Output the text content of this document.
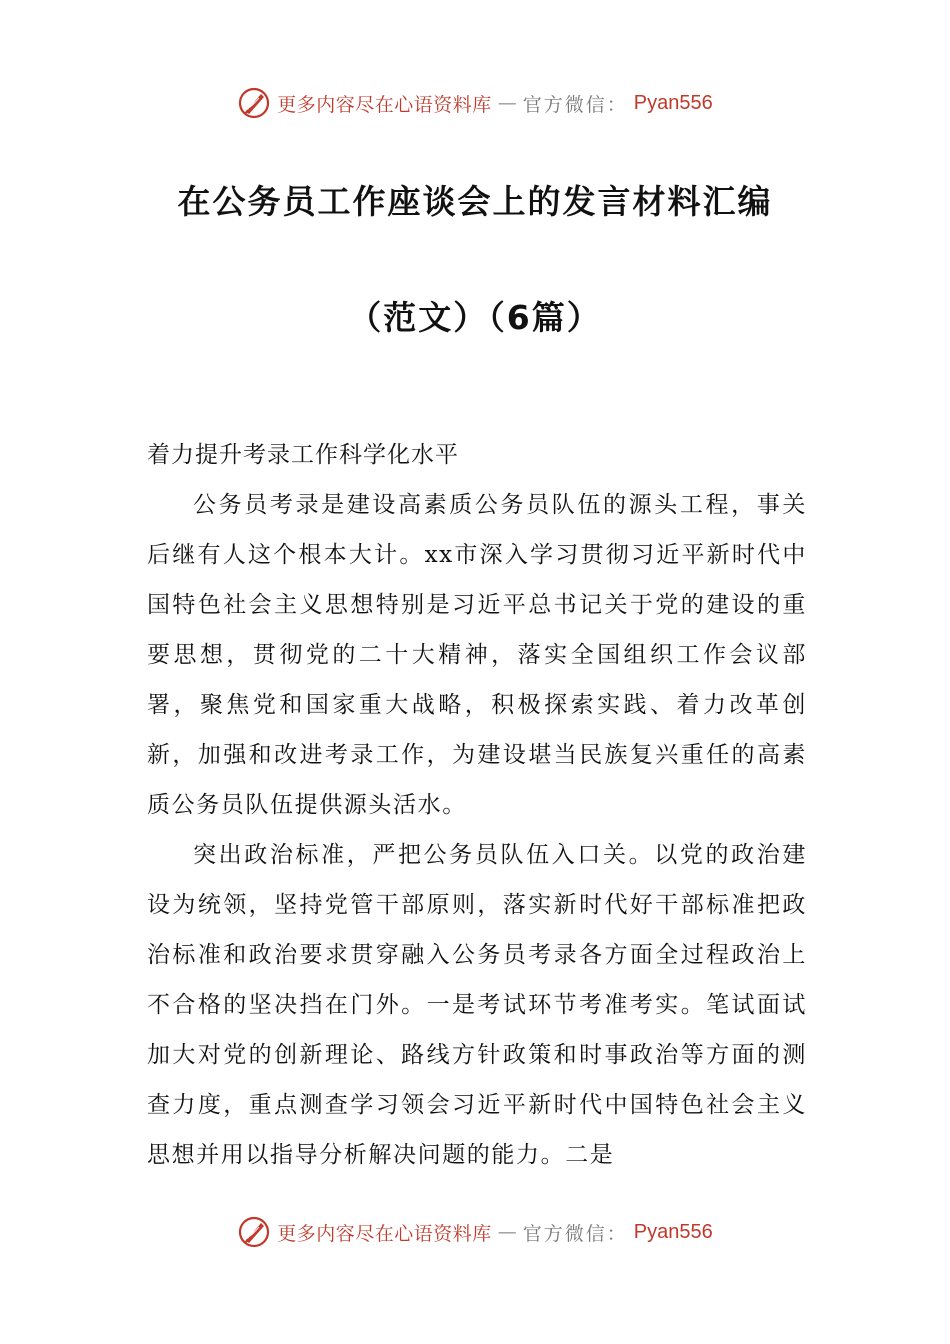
更多内容尽在心语资料库 — 官方微信： Pyan556
在公务员工作座谈会上的发言材料汇编
（范文）（6篇）

着力提升考录工作科学化水平

公务员考录是建设高素质公务员队伍的源头工程，事关后继有人这个根本大计。xx市深入学习贯彻习近平新时代中国特色社会主义思想特别是习近平总书记关于党的建设的重要思想，贯彻党的二十大精神，落实全国组织工作会议部署，聚焦党和国家重大战略，积极探索实践、着力改革创新，加强和改进考录工作，为建设堪当民族复兴重任的高素质公务员队伍提供源头活水。

突出政治标准，严把公务员队伍入口关。以党的政治建设为统领，坚持党管干部原则，落实新时代好干部标准把政治标准和政治要求贯穿融入公务员考录各方面全过程政治上不合格的坚决挡在门外。一是考试环节考准考实。笔试面试加大对党的创新理论、路线方针政策和时事政治等方面的测查力度，重点测查学习领会习近平新时代中国特色社会主义思想并用以指导分析解决问题的能力。二是

更多内容尽在心语资料库 — 官方微信： Pyan556
